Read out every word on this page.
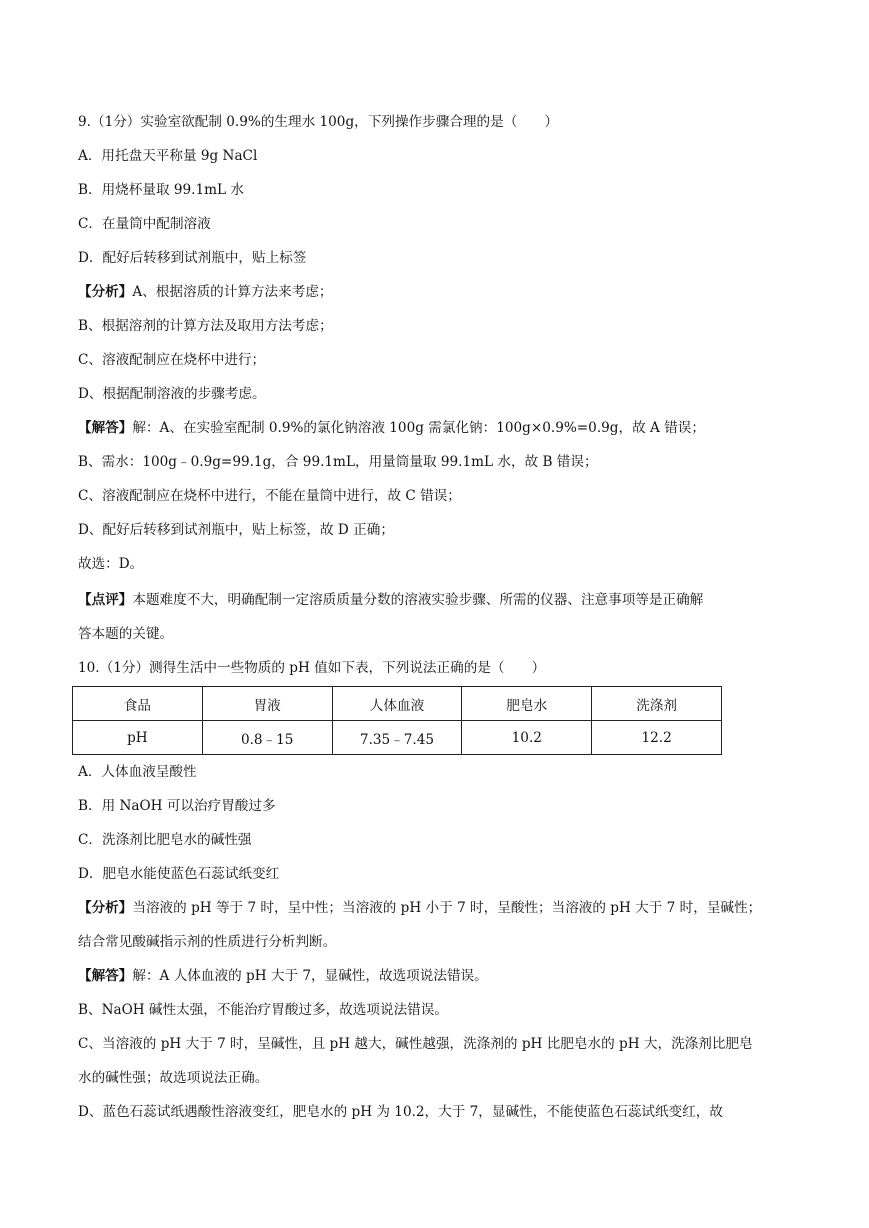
9.（1分）实验室欲配制 0.9%的生理水 100g，下列操作步骤合理的是（　　）
A．用托盘天平称量 9g NaCl
B．用烧杯量取 99.1mL 水
C．在量筒中配制溶液
D．配好后转移到试剂瓶中，贴上标签
【分析】A、根据溶质的计算方法来考虑；
B、根据溶剂的计算方法及取用方法考虑；
C、溶液配制应在烧杯中进行；
D、根据配制溶液的步骤考虑。
【解答】解：A、在实验室配制 0.9%的氯化钠溶液 100g 需氯化钠：100g×0.9%=0.9g，故 A 错误；
B、需水：100g﹣0.9g=99.1g，合 99.1mL，用量筒量取 99.1mL 水，故 B 错误；
C、溶液配制应在烧杯中进行，不能在量筒中进行，故 C 错误；
D、配好后转移到试剂瓶中，贴上标签，故 D 正确；
故选：D。
【点评】本题难度不大，明确配制一定溶质质量分数的溶液实验步骤、所需的仪器、注意事项等是正确解
答本题的关键。
10.（1分）测得生活中一些物质的 pH 值如下表，下列说法正确的是（　　）
食品	胃液	人体血液	肥皂水	洗涤剂
pH	0.8﹣15	7.35﹣7.45	10.2	12.2
A．人体血液呈酸性
B．用 NaOH 可以治疗胃酸过多
C．洗涤剂比肥皂水的碱性强
D．肥皂水能使蓝色石蕊试纸变红
【分析】当溶液的 pH 等于 7 时，呈中性；当溶液的 pH 小于 7 时，呈酸性；当溶液的 pH 大于 7 时，呈碱性；
结合常见酸碱指示剂的性质进行分析判断。
【解答】解：A 人体血液的 pH 大于 7，显碱性，故选项说法错误。
B、NaOH 碱性太强，不能治疗胃酸过多，故选项说法错误。
C、当溶液的 pH 大于 7 时，呈碱性，且 pH 越大，碱性越强，洗涤剂的 pH 比肥皂水的 pH 大，洗涤剂比肥皂
水的碱性强；故选项说法正确。
D、蓝色石蕊试纸遇酸性溶液变红，肥皂水的 pH 为 10.2，大于 7，显碱性，不能使蓝色石蕊试纸变红，故
